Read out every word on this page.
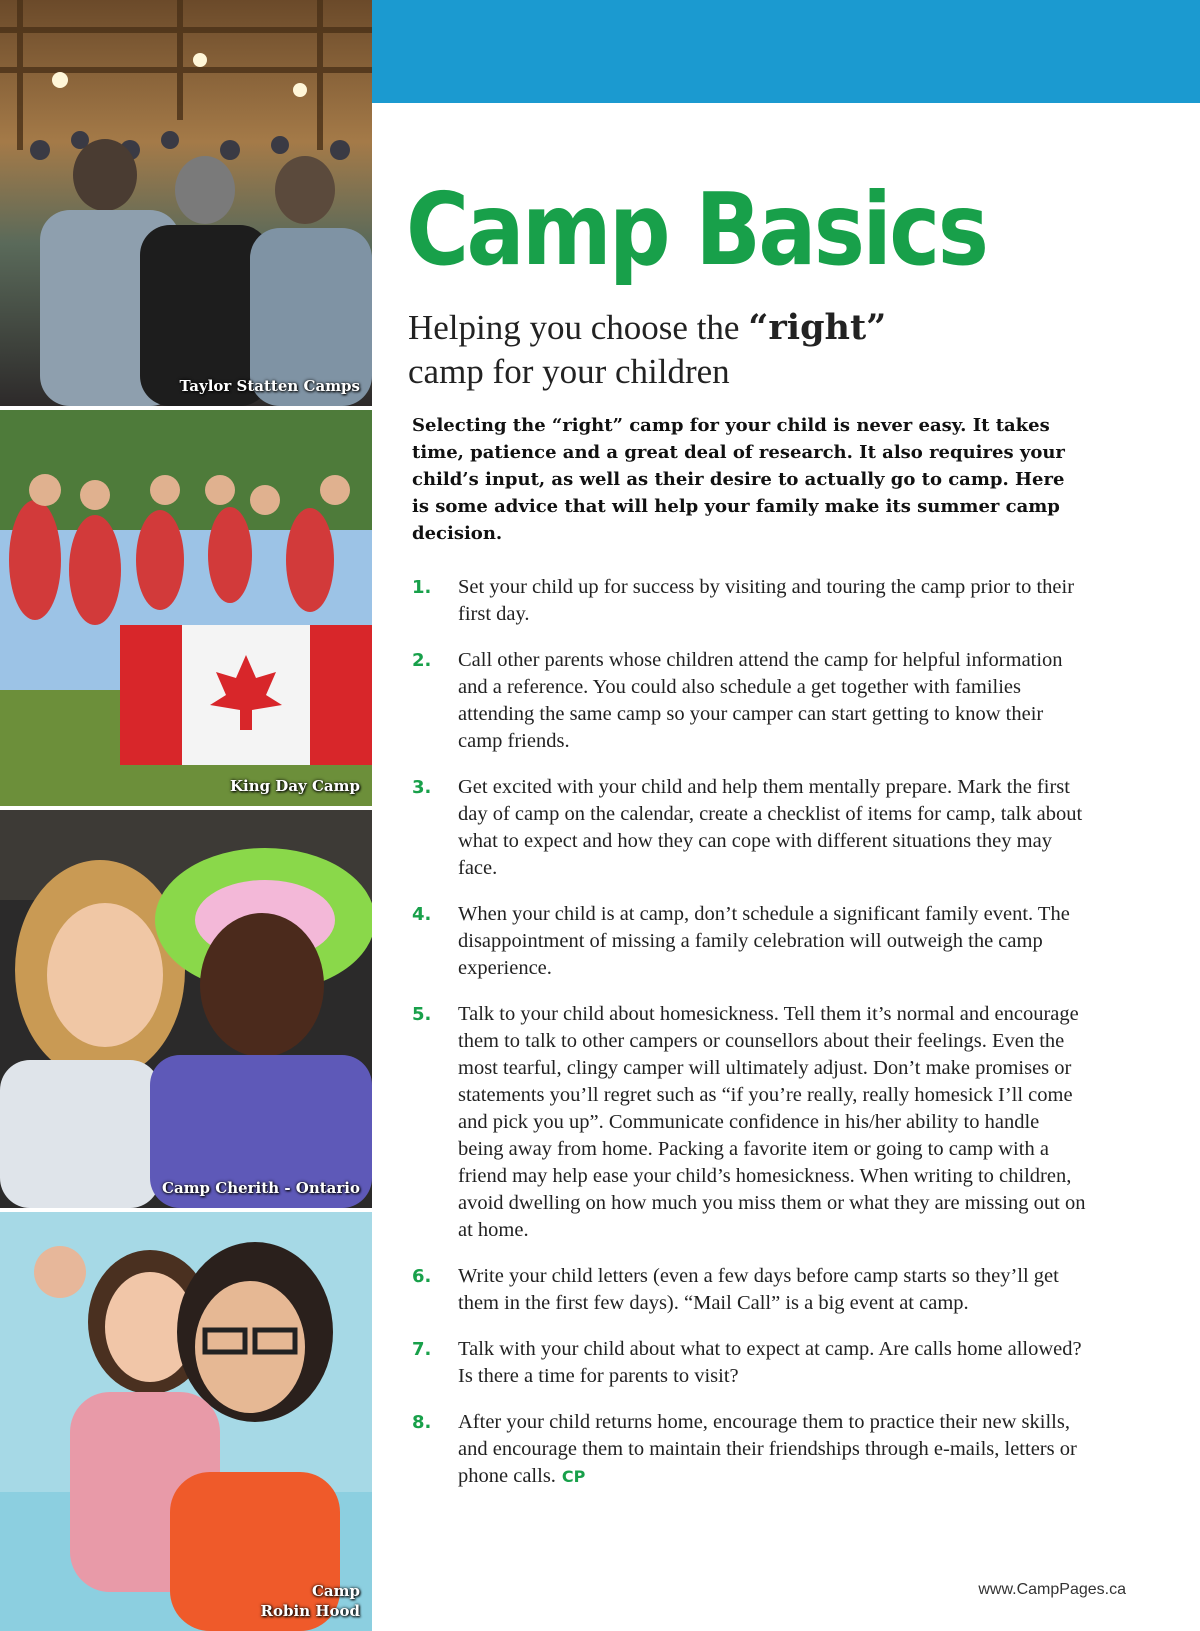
Taylor Statten Camps
King Day Camp
Camp Cherith - Ontario
Camp
Robin Hood
Camp Basics
Helping you choose the “right”
camp for your children

Selecting the “right” camp for your child is never easy. It takes time, patience and a great deal of research. It also requires your child’s input, as well as their desire to actually go to camp. Here is some advice that will help your family make its summer camp decision.

1.	Set your child up for success by visiting and touring the camp prior to their first day.
2.	Call other parents whose children attend the camp for helpful information and a reference. You could also schedule a get together with families attending the same camp so your camper can start getting to know their camp friends.
3.	Get excited with your child and help them mentally prepare. Mark the first day of camp on the calendar, create a checklist of items for camp, talk about what to expect and how they can cope with different situations they may face.
4.	When your child is at camp, don’t schedule a significant family event. The disappointment of missing a family celebration will outweigh the camp experience.
5.	Talk to your child about homesickness. Tell them it’s normal and encourage them to talk to other campers or counsellors about their feelings. Even the most tearful, clingy camper will ultimately adjust. Don’t make promises or statements you’ll regret such as “if you’re really, really homesick I’ll come and pick you up”. Communicate confidence in his/her ability to handle being away from home. Packing a favorite item or going to camp with a friend may help ease your child’s homesickness. When writing to children, avoid dwelling on how much you miss them or what they are missing out on at home.
6.	Write your child letters (even a few days before camp starts so they’ll get them in the first few days). “Mail Call” is a big event at camp.
7.	Talk with your child about what to expect at camp. Are calls home allowed? Is there a time for parents to visit?
8.	After your child returns home, encourage them to practice their new skills, and encourage them to maintain their friendships through e-mails, letters or phone calls. CP
www.CampPages.ca
